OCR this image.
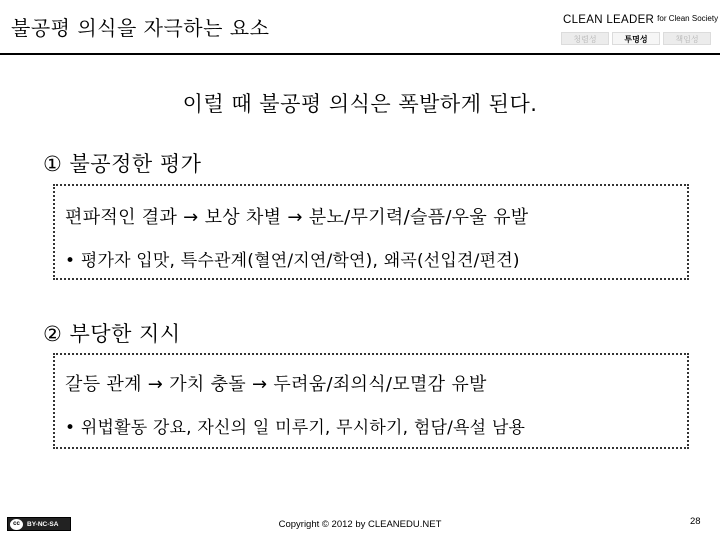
불공평 의식을 자극하는 요소	CLEAN LEADER for Clean Society
청렴성	투명성	책임성
이럴 때 불공평 의식은 폭발하게 된다.
① 불공정한 평가
편파적인 결과 → 보상 차별 → 분노/무기력/슬픔/우울 유발
• 평가자 입맛, 특수관계(혈연/지연/학연), 왜곡(선입견/편견)
② 부당한 지시
갈등 관계 → 가치 충돌 → 두려움/죄의식/모멸감 유발
• 위법활동 강요, 자신의 일 미루기, 무시하기, 험담/욕설 남용
cc	BY-NC-SA	Copyright © 2012 by CLEANEDU.NET	28
